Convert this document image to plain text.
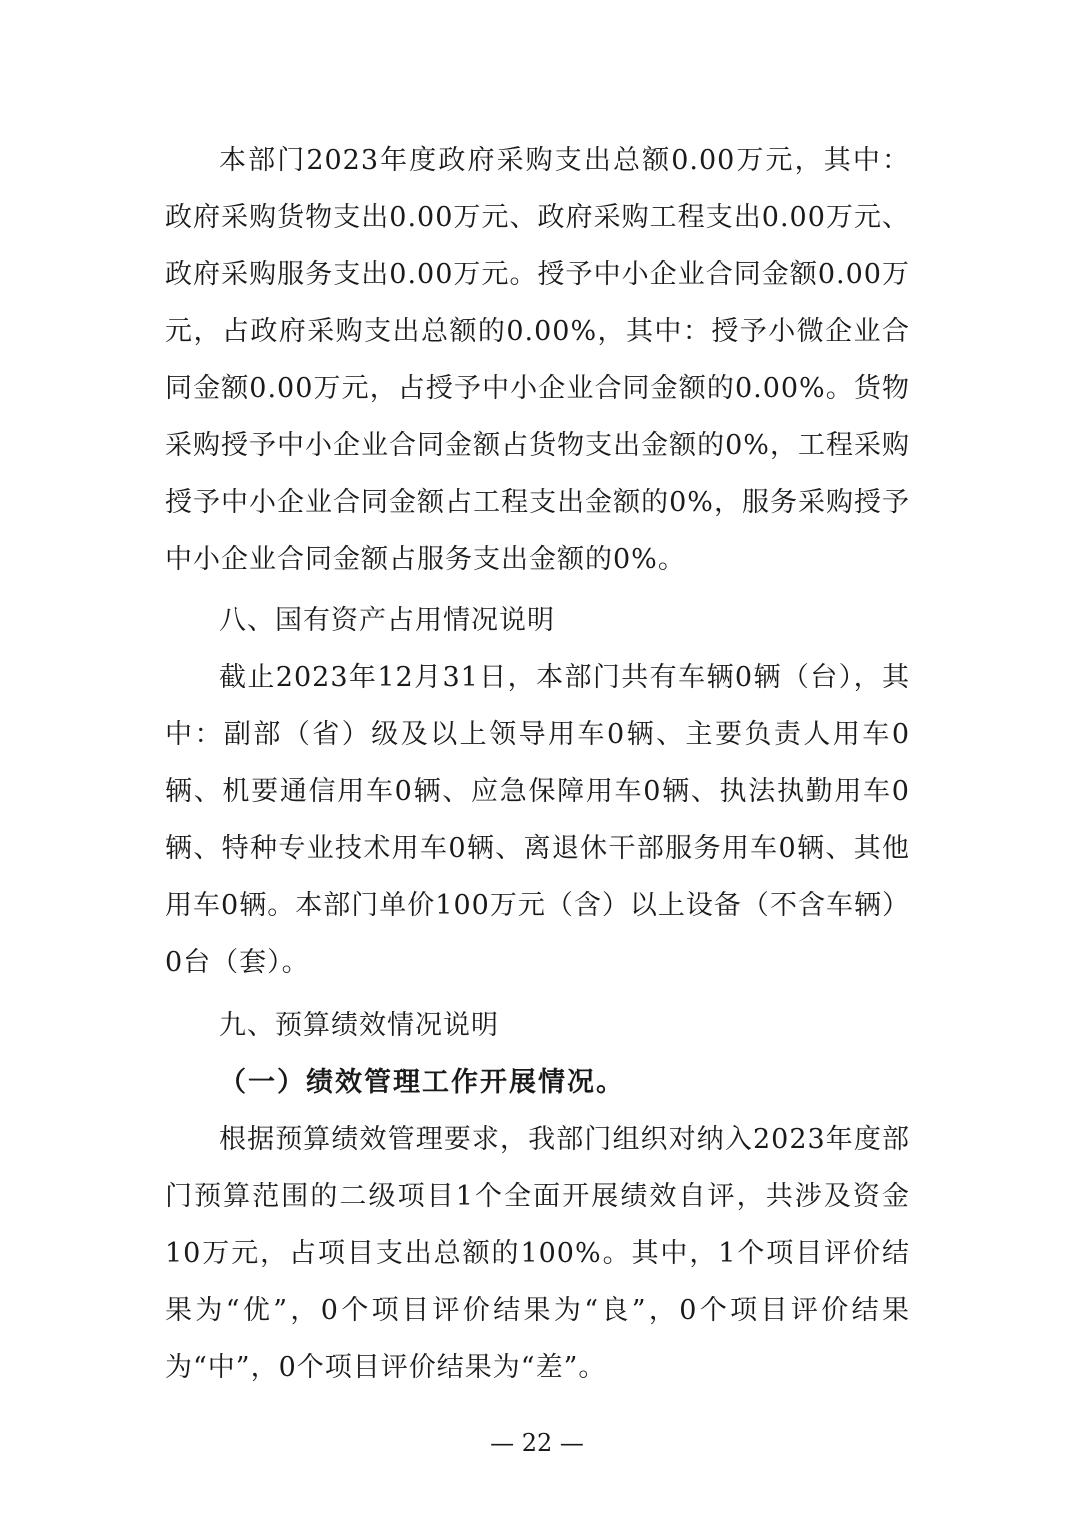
本部门2023年度政府采购支出总额0.00万元，其中：政府采购货物支出0.00万元、政府采购工程支出0.00万元、政府采购服务支出0.00万元。授予中小企业合同金额0.00万元，占政府采购支出总额的0.00%，其中：授予小微企业合同金额0.00万元，占授予中小企业合同金额的0.00%。货物采购授予中小企业合同金额占货物支出金额的0%，工程采购授予中小企业合同金额占工程支出金额的0%，服务采购授予中小企业合同金额占服务支出金额的0%。

八、国有资产占用情况说明

截止2023年12月31日，本部门共有车辆0辆（台），其中：副部（省）级及以上领导用车0辆、主要负责人用车0辆、机要通信用车0辆、应急保障用车0辆、执法执勤用车0辆、特种专业技术用车0辆、离退休干部服务用车0辆、其他用车0辆。本部门单价100万元（含）以上设备（不含车辆）0台（套）。

九、预算绩效情况说明

（一）绩效管理工作开展情况。

根据预算绩效管理要求，我部门组织对纳入2023年度部门预算范围的二级项目1个全面开展绩效自评，共涉及资金10万元，占项目支出总额的100%。其中，1个项目评价结果为“优”，0个项目评价结果为“良”，0个项目评价结果为“中”，0个项目评价结果为“差”。

— 22 —
